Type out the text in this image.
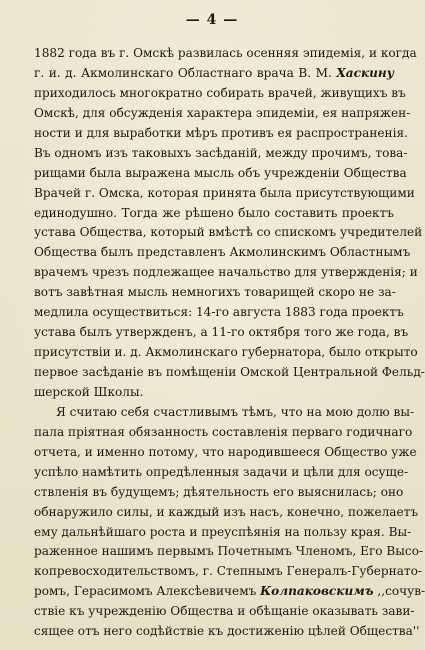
— 4 —
1882 года въ г. Омскѣ развилась осенняя эпидемія, и когда
г. и. д. Акмолинскаго Областнаго врача В. М. Хаскину
приходилось многократно собирать врачей, живущихъ въ
Омскѣ, для обсужденія характера эпидеміи, ея напряжен-
ности и для выработки мѣръ противъ ея распространенія.
Въ одномъ изъ таковыхъ засѣданій, между прочимъ, това-
рищами была выражена мысль объ учрежденіи Общества
Врачей г. Омска, которая принята была присутствующими
единодушно. Тогда же рѣшено было составить проектъ
устава Общества, который вмѣстѣ со спискомъ учредителей
Общества былъ представленъ Акмолинскимъ Областнымъ
врачемъ чрезъ подлежащее начальство для утвержденія; и
вотъ завѣтная мысль немногихъ товарищей скоро не за-
медлила осуществиться: 14-го августа 1883 года проектъ
устава былъ утвержденъ, а 11-го октября того же года, въ
присутствіи и. д. Акмолинскаго губернатора, было открыто
первое засѣданіе въ помѣщеніи Омской Центральной Фельд-
шерской Школы.
Я считаю себя счастливымъ тѣмъ, что на мою долю вы-
пала пріятная обязанность составленія перваго годичнаго
отчета, и именно потому, что народившееся Общество уже
успѣло намѣтить опредѣленныя задачи и цѣли для осуще-
ствленія въ будущемъ; дѣятельность его выяснилась; оно
обнаружило силы, и каждый изъ насъ, конечно, пожелаетъ
ему дальнѣйшаго роста и преуспѣянія на пользу края. Вы-
раженное нашимъ первымъ Почетнымъ Членомъ, Его Высо-
копревосходительствомъ, г. Степнымъ Генералъ-Губернато-
ромъ, Герасимомъ Алексѣевичемъ Колпаковскимъ ,,сочув-
ствіе къ учрежденію Общества и обѣщаніе оказывать зави-
сящее отъ него содѣйствіе къ достиженію цѣлей Общества''
